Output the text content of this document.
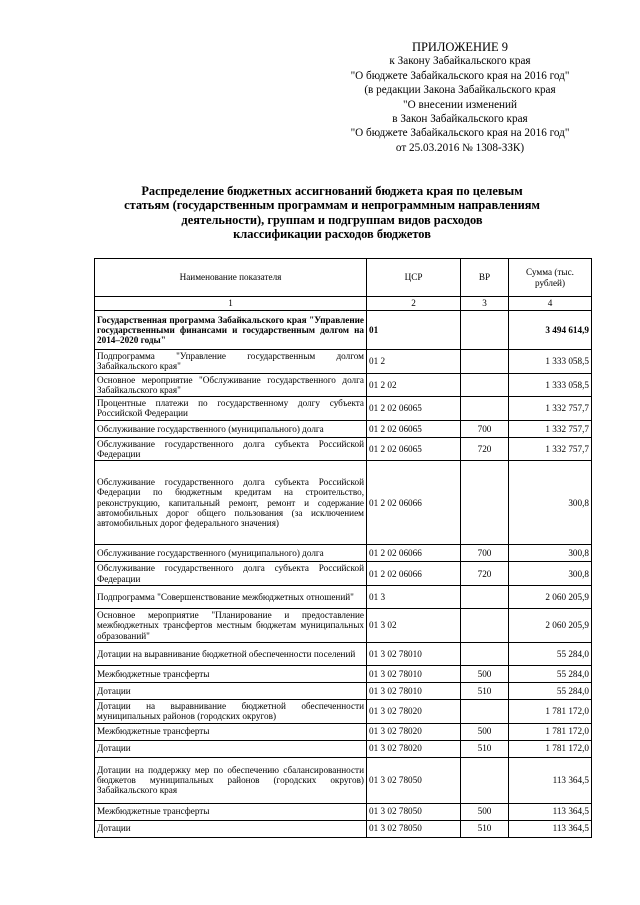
ПРИЛОЖЕНИЕ 9
к Закону Забайкальского края
"О бюджете Забайкальского края на 2016 год"
(в редакции Закона Забайкальского края
"О внесении изменений
в Закон Забайкальского края
"О бюджете Забайкальского края на 2016 год"
от 25.03.2016 № 1308-ЗЗК)
Распределение бюджетных ассигнований бюджета края по целевым
статьям (государственным программам и непрограммным направлениям
деятельности), группам и подгруппам видов расходов
классификации расходов бюджетов
Наименование показателя	ЦСР	ВР	Сумма (тыс. рублей)
1	2	3	4
Государственная программа Забайкальского края "Управление государственными финансами и государственным долгом на 2014–2020 годы"	01		3 494 614,9
Подпрограмма "Управление государственным долгом Забайкальского края"	01 2		1 333 058,5
Основное мероприятие "Обслуживание государственного долга Забайкальского края"	01 2 02		1 333 058,5
Процентные платежи по государственному долгу субъекта Российской Федерации	01 2 02 06065		1 332 757,7
Обслуживание государственного (муниципального) долга	01 2 02 06065	700	1 332 757,7
Обслуживание государственного долга субъекта Российской Федерации	01 2 02 06065	720	1 332 757,7
Обслуживание государственного долга субъекта Российской Федерации по бюджетным кредитам на строительство, реконструкцию, капитальный ремонт, ремонт и содержание автомобильных дорог общего пользования (за исключением автомобильных дорог федерального значения)	01 2 02 06066		300,8
Обслуживание государственного (муниципального) долга	01 2 02 06066	700	300,8
Обслуживание государственного долга субъекта Российской Федерации	01 2 02 06066	720	300,8
Подпрограмма "Совершенствование межбюджетных отношений"	01 3		2 060 205,9
Основное мероприятие "Планирование и предоставление межбюджетных трансфертов местным бюджетам муниципальных образований"	01 3 02		2 060 205,9
Дотации на выравнивание бюджетной обеспеченности поселений	01 3 02 78010		55 284,0
Межбюджетные трансферты	01 3 02 78010	500	55 284,0
Дотации	01 3 02 78010	510	55 284,0
Дотации на выравнивание бюджетной обеспеченности муниципальных районов (городских округов)	01 3 02 78020		1 781 172,0
Межбюджетные трансферты	01 3 02 78020	500	1 781 172,0
Дотации	01 3 02 78020	510	1 781 172,0
Дотации на поддержку мер по обеспечению сбалансированности бюджетов муниципальных районов (городских округов) Забайкальского края	01 3 02 78050		113 364,5
Межбюджетные трансферты	01 3 02 78050	500	113 364,5
Дотации	01 3 02 78050	510	113 364,5
